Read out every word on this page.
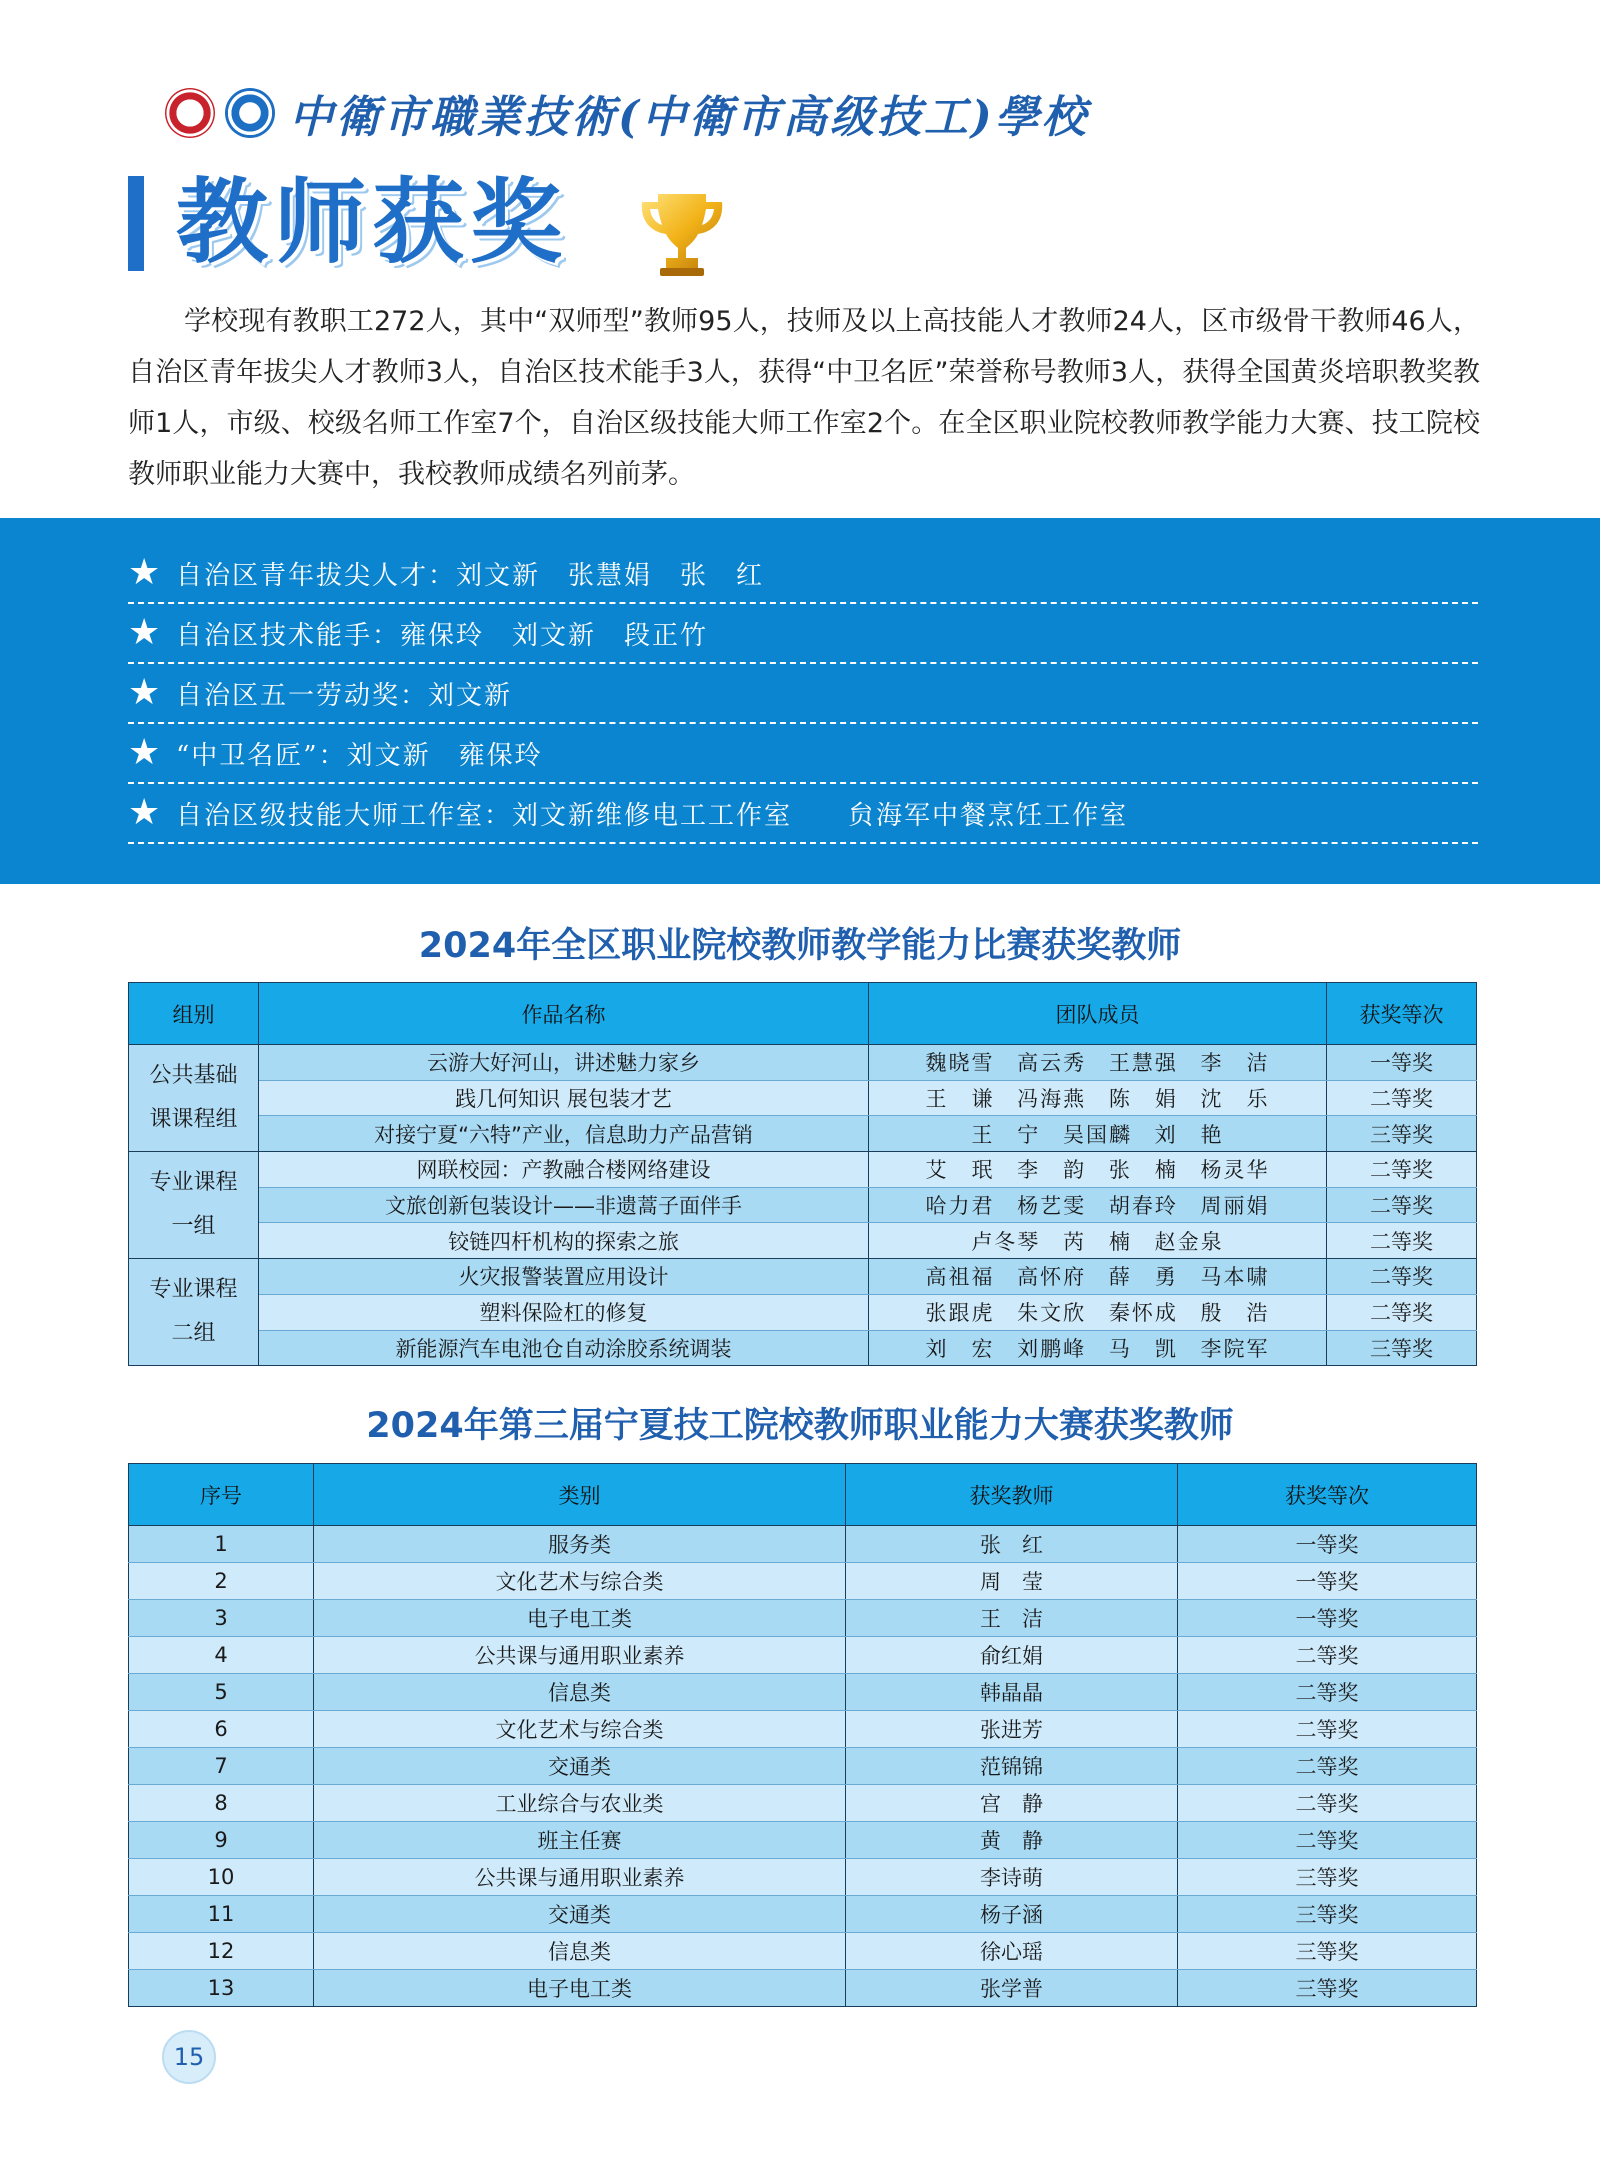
中衛市職業技術(中衛市高级技工)學校
教师获奖

学校现有教职工272人，其中“双师型”教师95人，技师及以上高技能人才教师24人，区市级骨干教师46人，自治区青年拔尖人才教师3人，自治区技术能手3人，获得“中卫名匠”荣誉称号教师3人，获得全国黄炎培职教奖教师1人，市级、校级名师工作室7个，自治区级技能大师工作室2个。在全区职业院校教师教学能力大赛、技工院校教师职业能力大赛中，我校教师成绩名列前茅。

★ 自治区青年拔尖人才：刘文新　张慧娟　张　红
★ 自治区技术能手：雍保玲　刘文新　段正竹
★ 自治区五一劳动奖：刘文新
★ “中卫名匠”：刘文新　雍保玲
★ 自治区级技能大师工作室：刘文新维修电工工作室　　贠海军中餐烹饪工作室
2024年全区职业院校教师教学能力比赛获奖教师
组别	作品名称	团队成员	获奖等次
公共基础课课程组	云游大好河山，讲述魅力家乡	魏晓雪 高云秀 王慧强 李　洁	一等奖
	践几何知识 展包装才艺	王　谦 冯海燕 陈　娟 沈　乐	二等奖
	对接宁夏“六特”产业，信息助力产品营销	王　宁 吴国麟 刘　艳	三等奖
专业课程一组	网联校园：产教融合楼网络建设	艾　珉 李　韵 张　楠 杨灵华	二等奖
	文旅创新包装设计——非遗蒿子面伴手	哈力君 杨艺雯 胡春玲 周丽娟	二等奖
	铰链四杆机构的探索之旅	卢冬琴 芮　楠 赵金泉	二等奖
专业课程二组	火灾报警装置应用设计	高祖福 高怀府 薛　勇 马本啸	二等奖
	塑料保险杠的修复	张跟虎 朱文欣 秦怀成 殷　浩	二等奖
	新能源汽车电池仓自动涂胶系统调装	刘　宏 刘鹏峰 马　凯 李院军	三等奖
2024年第三届宁夏技工院校教师职业能力大赛获奖教师
序号	类别	获奖教师	获奖等次
1	服务类	张　红	一等奖
2	文化艺术与综合类	周　莹	一等奖
3	电子电工类	王　洁	一等奖
4	公共课与通用职业素养	俞红娟	二等奖
5	信息类	韩晶晶	二等奖
6	文化艺术与综合类	张进芳	二等奖
7	交通类	范锦锦	二等奖
8	工业综合与农业类	宫　静	二等奖
9	班主任赛	黄　静	二等奖
10	公共课与通用职业素养	李诗萌	三等奖
11	交通类	杨子涵	三等奖
12	信息类	徐心瑶	三等奖
13	电子电工类	张学普	三等奖
15
